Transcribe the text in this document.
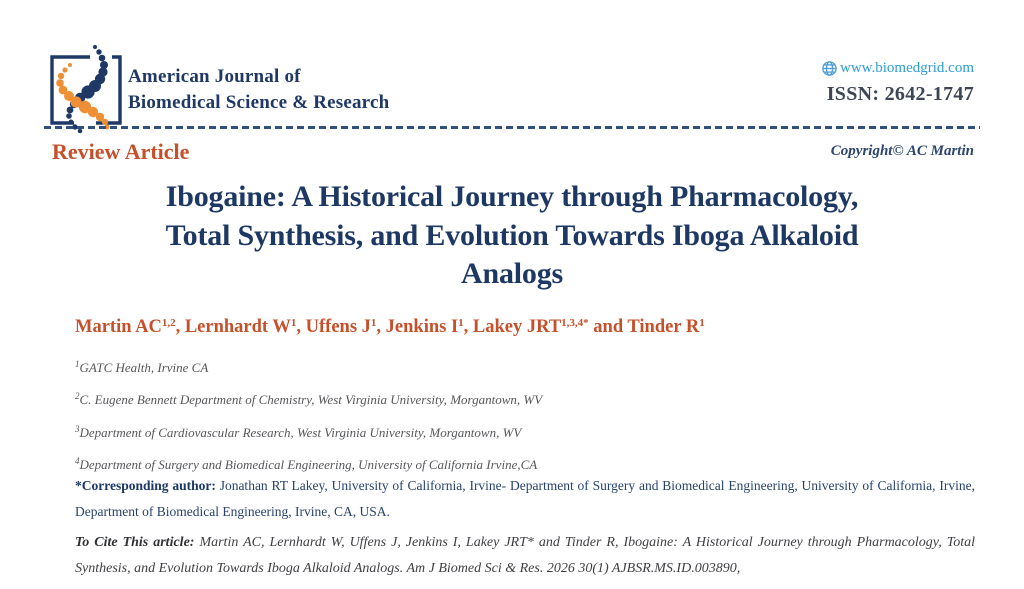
American Journal of
Biomedical Science & Research
www.biomedgrid.com
ISSN: 2642-1747
Review Article	Copyright© AC Martin
Ibogaine: A Historical Journey through Pharmacology,
Total Synthesis, and Evolution Towards Iboga Alkaloid
Analogs
Martin AC$^{1,2}$, Lernhardt $W^1$, Uffens $J^1$, Jenkins $I^1$, Lakey $JRT^{1,3,4*}$ and Tinder $R^1$
$^1$GATC Health, Irvine CA
$^2$C. Eugene Bennett Department of Chemistry, West Virginia University, Morgantown, WV
$^3$Department of Cardiovascular Research, West Virginia University, Morgantown, WV
$^4$Department of Surgery and Biomedical Engineering, University of California Irvine,CA

*Corresponding author: Jonathan RT Lakey, University of California, Irvine- Department of Surgery and Biomedical Engineering, University of California, Irvine, Department of Biomedical Engineering, Irvine, CA, USA.

To Cite This article: Martin AC, Lernhardt W, Uffens J, Jenkins I, Lakey JRT* and Tinder R, Ibogaine: A Historical Journey through Pharmacology, Total Synthesis, and Evolution Towards Iboga Alkaloid Analogs. Am J Biomed Sci & Res. 2026 30(1) AJBSR.MS.ID.003890,
